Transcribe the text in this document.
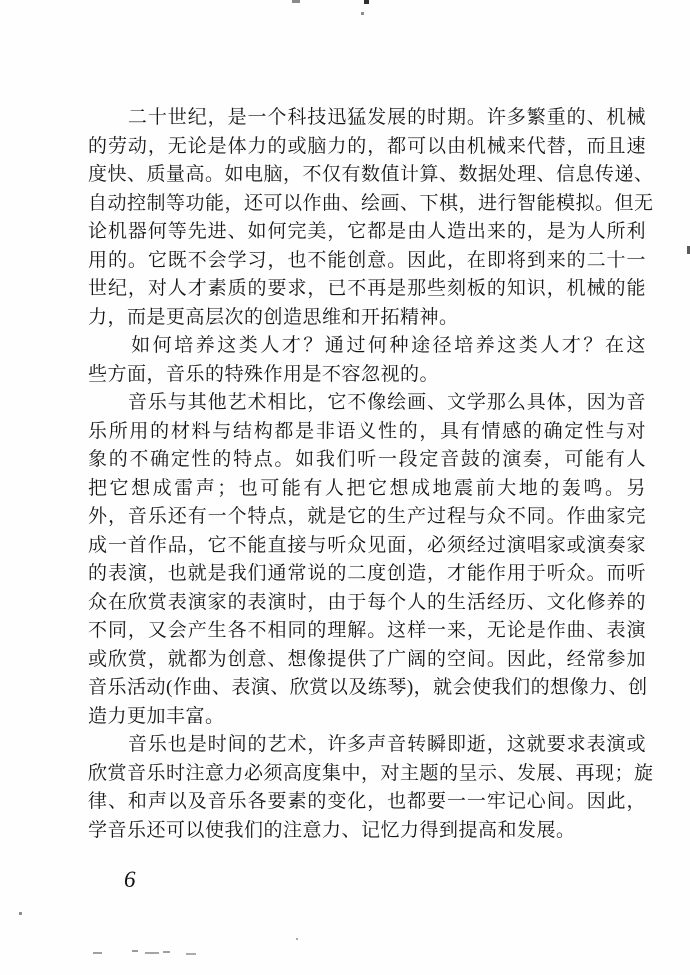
　　二十世纪，是一个科技迅猛发展的时期。许多繁重的、机械
的劳动，无论是体力的或脑力的，都可以由机械来代替，而且速
度快、质量高。如电脑，不仅有数值计算、数据处理、信息传递、
自动控制等功能，还可以作曲、绘画、下棋，进行智能模拟。但无
论机器何等先进、如何完美，它都是由人造出来的，是为人所利
用的。它既不会学习，也不能创意。因此，在即将到来的二十一
世纪，对人才素质的要求，已不再是那些刻板的知识，机械的能
力，而是更高层次的创造思维和开拓精神。
　　如何培养这类人才？通过何种途径培养这类人才？在这
些方面，音乐的特殊作用是不容忽视的。
　　音乐与其他艺术相比，它不像绘画、文学那么具体，因为音
乐所用的材料与结构都是非语义性的，具有情感的确定性与对
象的不确定性的特点。如我们听一段定音鼓的演奏，可能有人
把它想成雷声；也可能有人把它想成地震前大地的轰鸣。另
外，音乐还有一个特点，就是它的生产过程与众不同。作曲家完
成一首作品，它不能直接与听众见面，必须经过演唱家或演奏家
的表演，也就是我们通常说的二度创造，才能作用于听众。而听
众在欣赏表演家的表演时，由于每个人的生活经历、文化修养的
不同，又会产生各不相同的理解。这样一来，无论是作曲、表演
或欣赏，就都为创意、想像提供了广阔的空间。因此，经常参加
音乐活动(作曲、表演、欣赏以及练琴)，就会使我们的想像力、创
造力更加丰富。
　　音乐也是时间的艺术，许多声音转瞬即逝，这就要求表演或
欣赏音乐时注意力必须高度集中，对主题的呈示、发展、再现；旋
律、和声以及音乐各要素的变化，也都要一一牢记心间。因此，
学音乐还可以使我们的注意力、记忆力得到提高和发展。
6
